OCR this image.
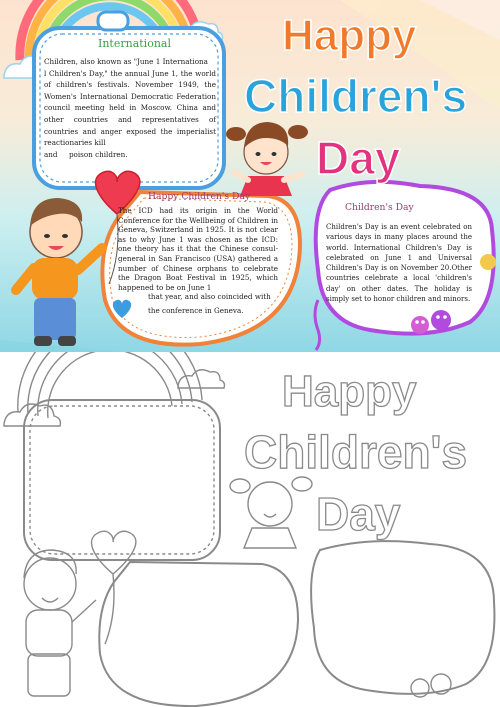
Happy
Children's
Day
International

Children, also known as "June 1 Internationa

l Children's Day," the annual June 1, the world of children's festivals. November 1949, the Women's International Democratic Federation council meeting held in Moscow. China and other countries and representatives of countries and anger exposed the imperialist reactionaries kill

and     poison children.

Happy Children's Day

The ICD had its origin in the World Conference for the Wellbeing of Children in Geneva, Switzerland in 1925. It is not clear as to why June 1 was chosen as the ICD: one theory has it that the Chinese consul- general in San Francisco (USA) gathered a number of Chinese orphans to celebrate the Dragon Boat Festival in 1925, which happened to be on June 1

that year, and also coincided with

the conference in Geneva.

Children's Day

Children's Day is an event celebrated on various days in many places around the world. International Children's Day is celebrated on June 1 and Universal Children's Day is on November 20.Other countries celebrate a local 'children's day' on other dates. The holiday is simply set to honor children and minors.

Happy
Children's
Day
